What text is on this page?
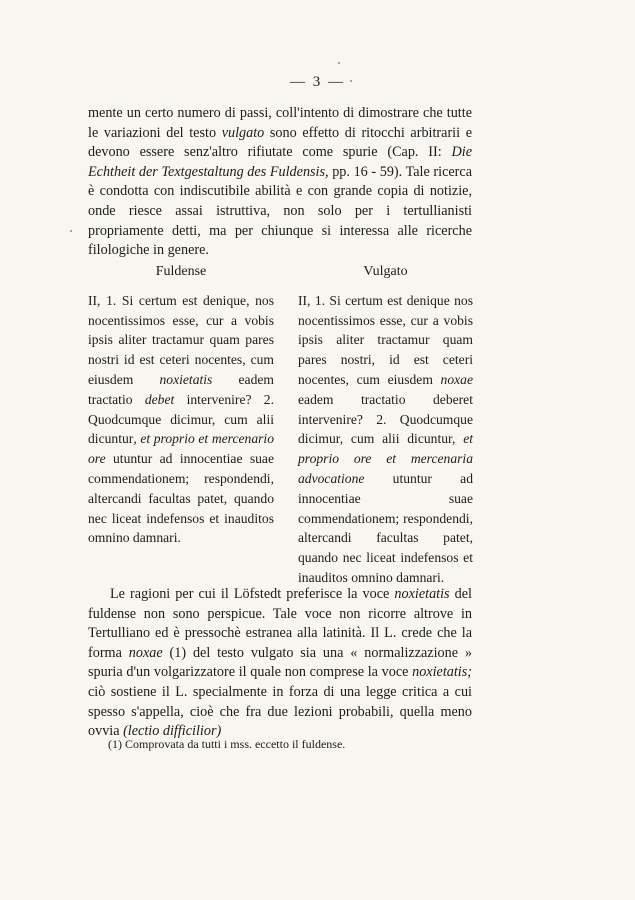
— 3 —

mente un certo numero di passi, coll'intento di dimostrare che tutte le variazioni del testo vulgato sono effetto di ritocchi arbitrarii e devono essere senz'altro rifiutate come spurie (Cap. II: Die Echtheit der Textgestaltung des Fuldensis, pp. 16 - 59). Tale ricerca è condotta con indiscutibile abilità e con grande copia di notizie, onde riesce assai istruttiva, non solo per i tertullianisti propriamente detti, ma per chiunque si interessa alle ricerche filologiche in genere.

Fuldense

II, 1. Si certum est denique, nos nocentissimos esse, cur a vobis ipsis aliter tractamur quam pares nostri id est ceteri nocentes, cum eiusdem noxietatis eadem tractatio debet intervenire? 2. Quodcumque dicimur, cum alii dicuntur, et proprio et mercenario ore utuntur ad innocentiae suae commendationem; respondendi, altercandi facultas patet, quando nec liceat indefensos et inauditos omnino damnari.

Vulgato

II, 1. Si certum est denique nos nocentissimos esse, cur a vobis ipsis aliter tractamur quam pares nostri, id est ceteri nocentes, cum eiusdem noxae eadem tractatio deberet intervenire? 2. Quodcumque dicimur, cum alii dicuntur, et proprio ore et mercenaria advocatione utuntur ad innocentiae suae commendationem; respondendi, altercandi facultas patet, quando nec liceat indefensos et inauditos omnino damnari.

Le ragioni per cui il Löfstedt preferisce la voce noxietatis del fuldense non sono perspicue. Tale voce non ricorre altrove in Tertulliano ed è pressochè estranea alla latinità. Il L. crede che la forma noxae (1) del testo vulgato sia una « normalizzazione » spuria d'un volgarizzatore il quale non comprese la voce noxietatis; ciò sostiene il L. specialmente in forza di una legge critica a cui spesso s'appella, cioè che fra due lezioni probabili, quella meno ovvia (lectio difficilior)

(1) Comprovata da tutti i mss. eccetto il fuldense.
